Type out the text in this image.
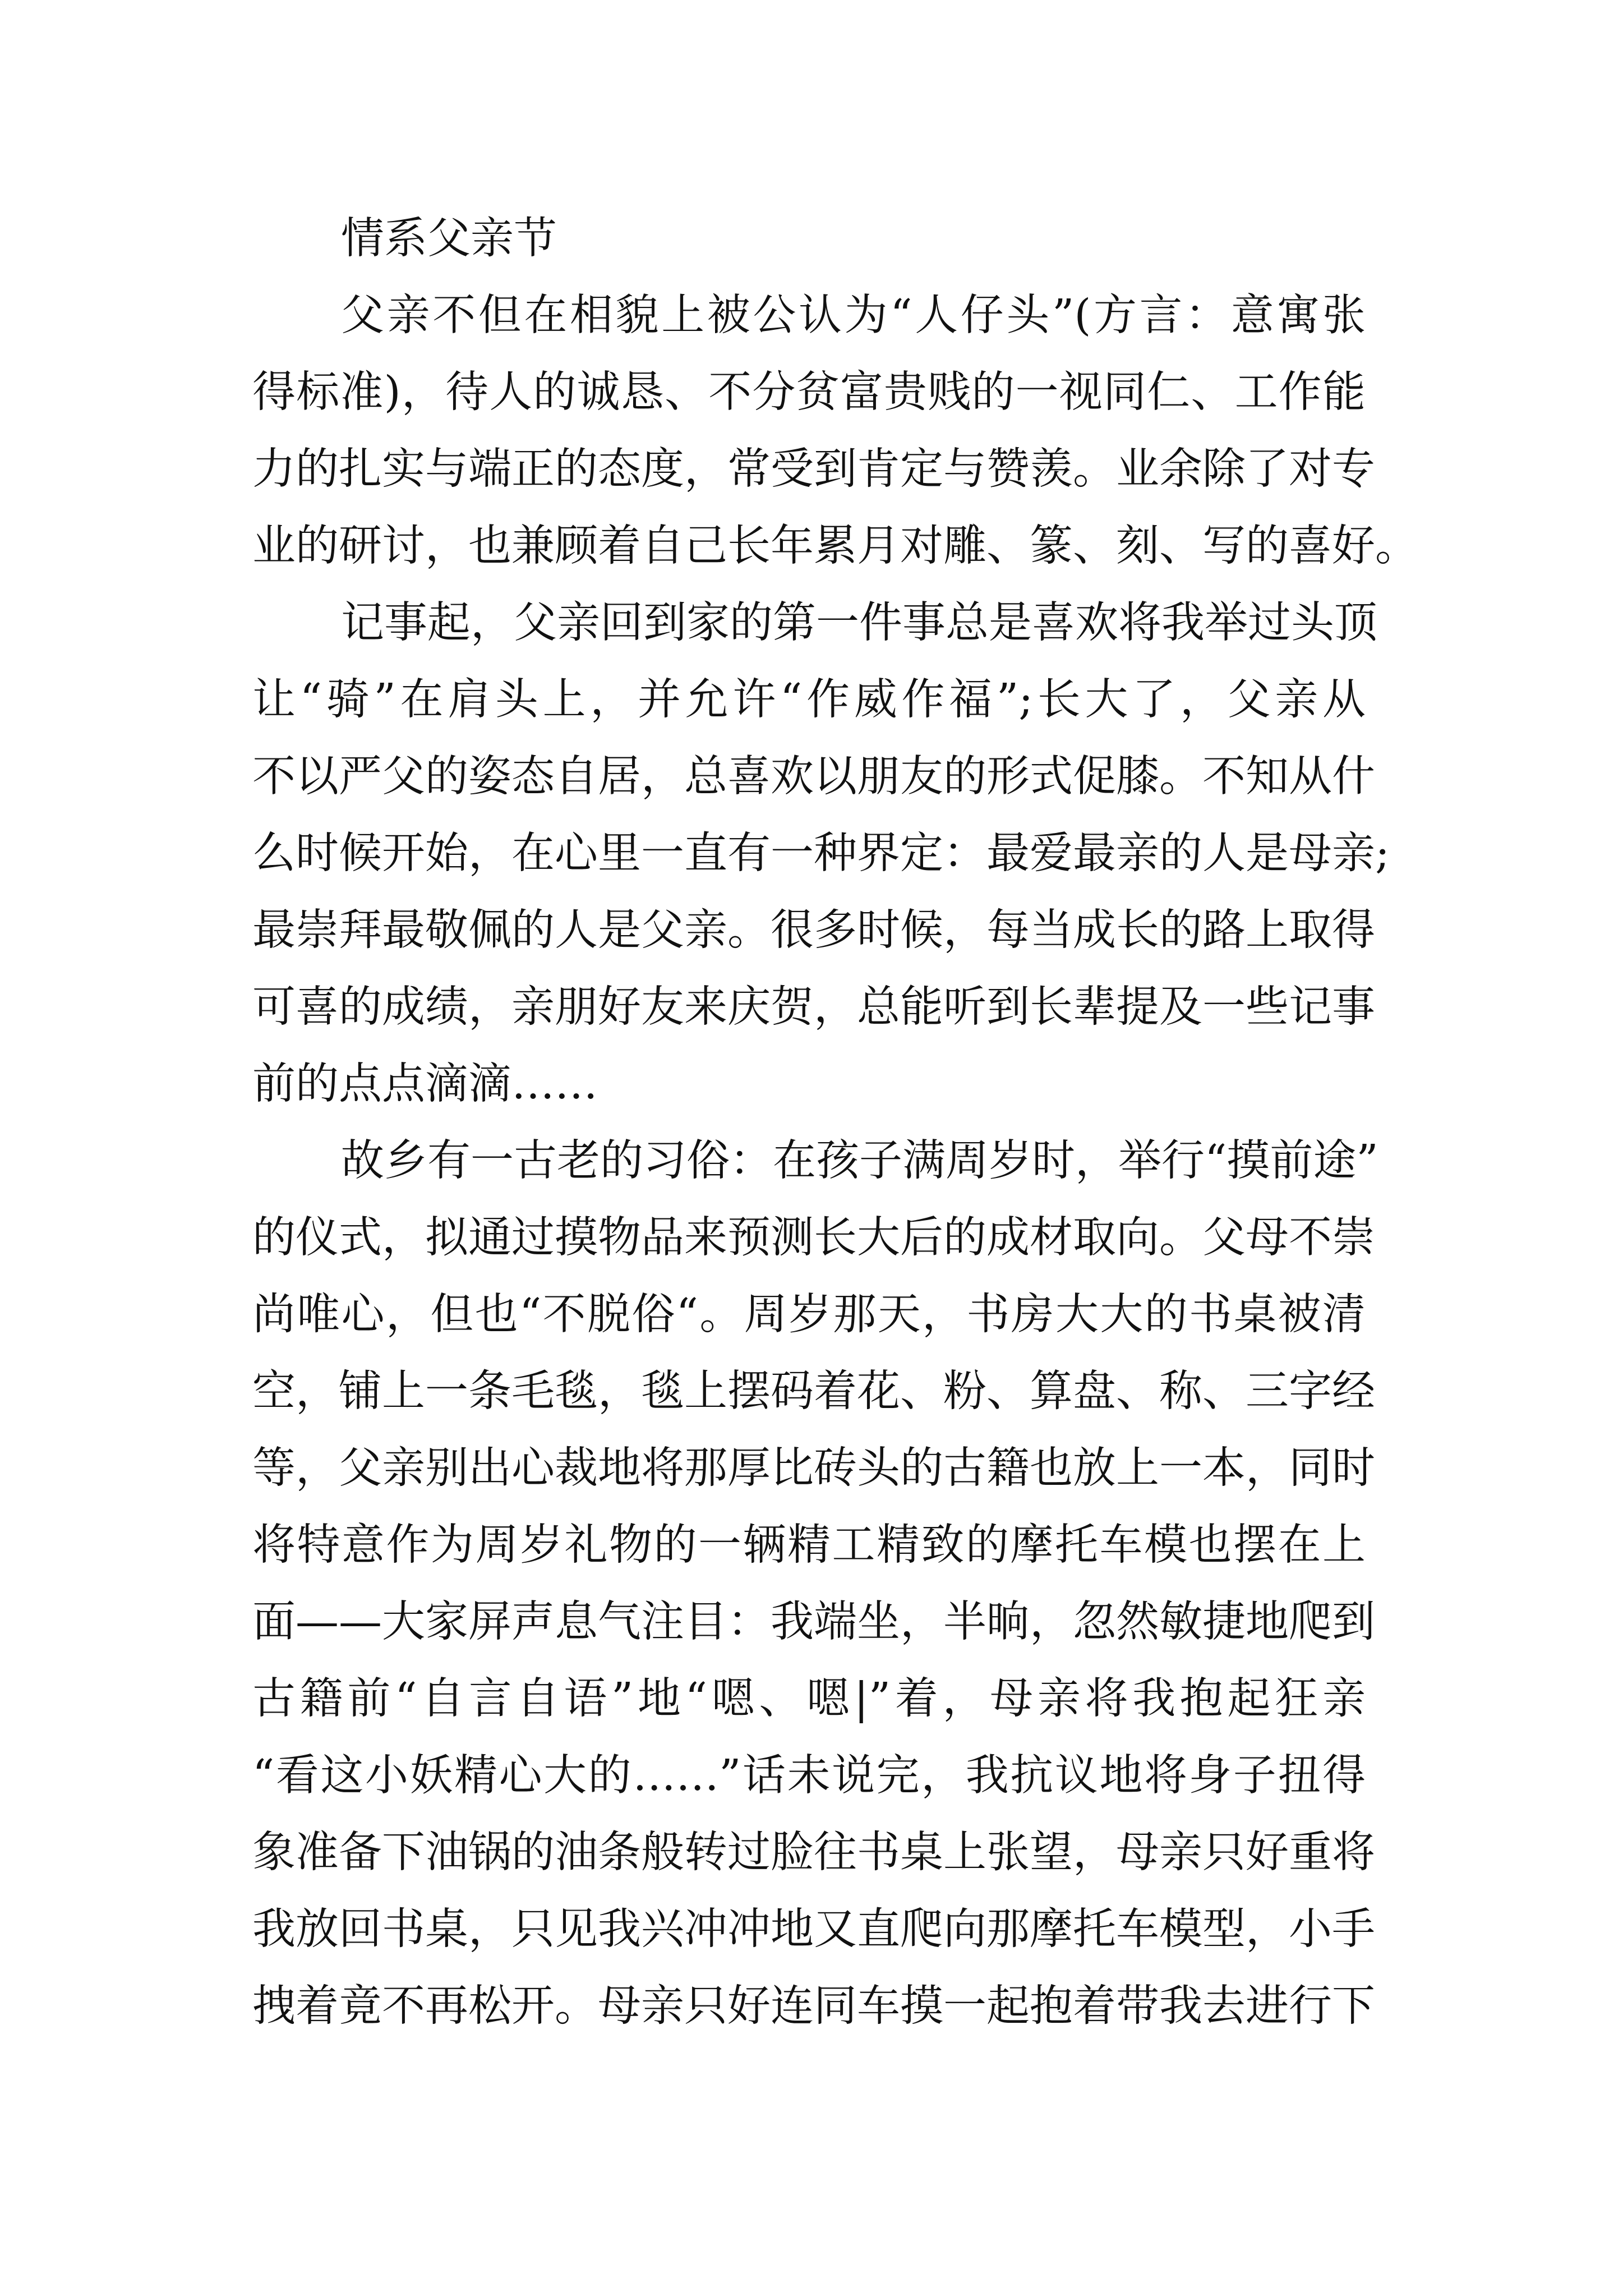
情系父亲节
父亲不但在相貌上被公认为“人仔头”(方言：意寓张
得标准)，待人的诚恳、不分贫富贵贱的一视同仁、工作能
力的扎实与端正的态度，常受到肯定与赞羡。业余除了对专
业的研讨，也兼顾着自己长年累月对雕、篆、刻、写的喜好。
记事起，父亲回到家的第一件事总是喜欢将我举过头顶
让“骑”在肩头上，并允许“作威作福”;长大了，父亲从
不以严父的姿态自居，总喜欢以朋友的形式促膝。不知从什
么时候开始，在心里一直有一种界定：最爱最亲的人是母亲;
最崇拜最敬佩的人是父亲。很多时候，每当成长的路上取得
可喜的成绩，亲朋好友来庆贺，总能听到长辈提及一些记事
前的点点滴滴……
故乡有一古老的习俗：在孩子满周岁时，举行“摸前途”
的仪式，拟通过摸物品来预测长大后的成材取向。父母不崇
尚唯心，但也“不脱俗“。周岁那天，书房大大的书桌被清
空，铺上一条毛毯，毯上摆码着花、粉、算盘、称、三字经
等，父亲别出心裁地将那厚比砖头的古籍也放上一本，同时
将特意作为周岁礼物的一辆精工精致的摩托车模也摆在上
面——大家屏声息气注目：我端坐，半晌，忽然敏捷地爬到
古籍前“自言自语”地“嗯、嗯|”着，母亲将我抱起狂亲
“看这小妖精心大的……”话未说完，我抗议地将身子扭得
象准备下油锅的油条般转过脸往书桌上张望，母亲只好重将
我放回书桌，只见我兴冲冲地又直爬向那摩托车模型，小手
拽着竟不再松开。母亲只好连同车摸一起抱着带我去进行下
